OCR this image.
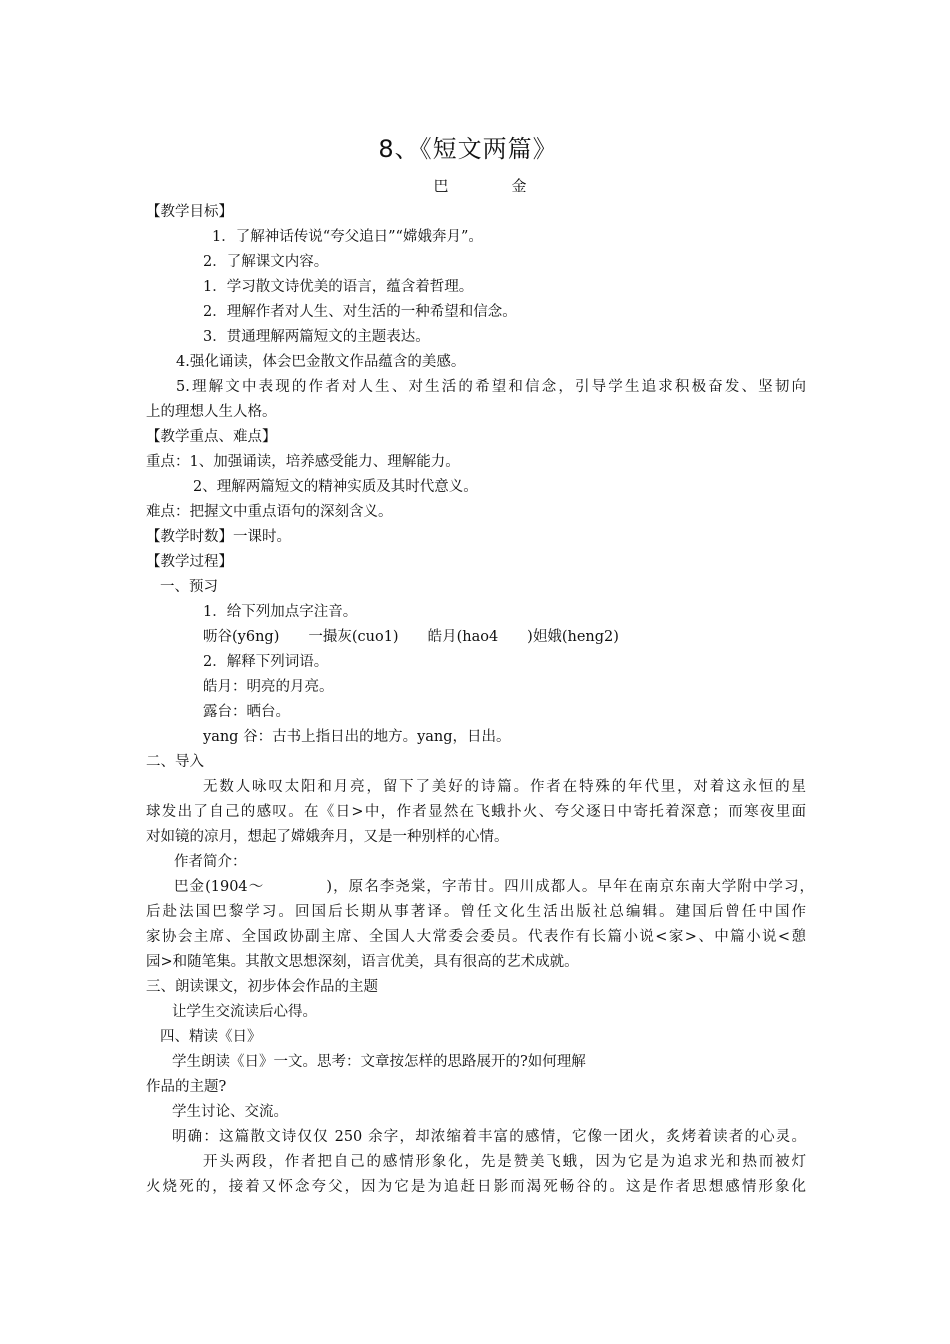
8、《短文两篇》
巴　金
【教学目标】
1．了解神话传说“夸父追日”“嫦娥奔月”。
2．了解课文内容。
1．学习散文诗优美的语言，蕴含着哲理。
2．理解作者对人生、对生活的一种希望和信念。
3．贯通理解两篇短文的主题表达。
4.强化诵读，体会巴金散文作品蕴含的美感。
5.理解文中表现的作者对人生、对生活的希望和信念，引导学生追求积极奋发、坚韧向
上的理想人生人格。
【教学重点、难点】
重点：1、加强诵读，培养感受能力、理解能力。
2、理解两篇短文的精神实质及其时代意义。
难点：把握文中重点语句的深刻含义。
【教学时数】一课时。
【教学过程】
一、预习
1．给下列加点字注音。
呖谷(y6ng)　　一撮灰(cuo1)　　皓月(hao4　　)妲娥(heng2)
2．解释下列词语。
皓月：明亮的月亮。
露台：晒台。
yang 谷：古书上指日出的地方。yang，日出。
二、导入
无数人咏叹太阳和月亮，留下了美好的诗篇。作者在特殊的年代里，对着这永恒的星
球发出了自己的感叹。在《日>中，作者显然在飞蛾扑火、夸父逐日中寄托着深意；而寒夜里面
对如镜的凉月，想起了嫦娥奔月，又是一种别样的心情。
作者简介：
巴金(1904～　　　　)，原名李尧棠，字芾甘。四川成都人。早年在南京东南大学附中学习，
后赴法国巴黎学习。回国后长期从事著译。曾任文化生活出版社总编辑。建国后曾任中国作
家协会主席、全国政协副主席、全国人大常委会委员。代表作有长篇小说<家>、中篇小说<憩
园>和随笔集。其散文思想深刻，语言优美，具有很高的艺术成就。
三、朗读课文，初步体会作品的主题
让学生交流读后心得。
四、精读《日》
学生朗读《日》一文。思考：文章按怎样的思路展开的?如何理解
作品的主题?
学生讨论、交流。
明确：这篇散文诗仅仅 250 余字，却浓缩着丰富的感情，它像一团火，炙烤着读者的心灵。
开头两段，作者把自己的感情形象化，先是赞美飞蛾，因为它是为追求光和热而被灯
火烧死的，接着又怀念夸父，因为它是为追赶日影而渴死畅谷的。这是作者思想感情形象化
